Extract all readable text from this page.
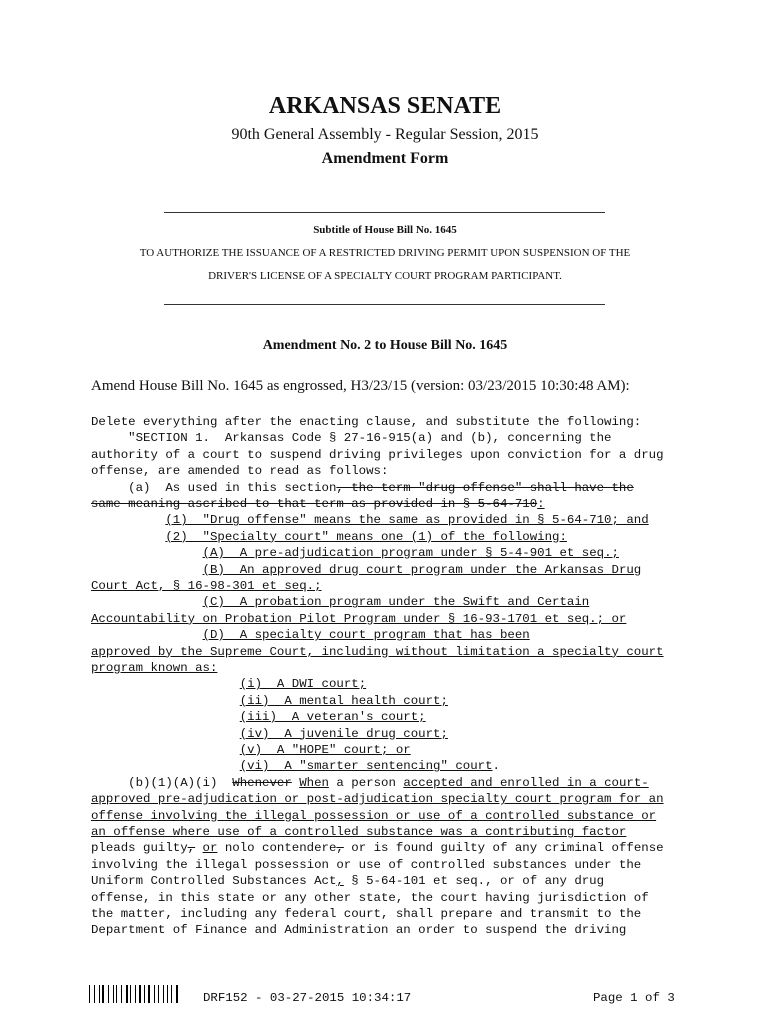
ARKANSAS SENATE
90th General Assembly - Regular Session, 2015
Amendment Form
Subtitle of House Bill No. 1645
TO AUTHORIZE THE ISSUANCE OF A RESTRICTED DRIVING PERMIT UPON SUSPENSION OF THE
DRIVER'S LICENSE OF A SPECIALTY COURT PROGRAM PARTICIPANT.
Amendment No. 2 to House Bill No. 1645
Amend House Bill No. 1645 as engrossed, H3/23/15 (version: 03/23/2015 10:30:48 AM):
Delete everything after the enacting clause, and substitute the following:
"SECTION 1.  Arkansas Code § 27-16-915(a) and (b), concerning the
authority of a court to suspend driving privileges upon conviction for a drug
offense, are amended to read as follows:
(a)  As used in this section, the term "drug offense" shall have the
same meaning ascribed to that term as provided in § 5-64-710:
(1)  "Drug offense" means the same as provided in § 5-64-710; and
(2)  "Specialty court" means one (1) of the following:
(A)  A pre-adjudication program under § 5-4-901 et seq.;
(B)  An approved drug court program under the Arkansas Drug
Court Act, § 16-98-301 et seq.;
(C)  A probation program under the Swift and Certain
Accountability on Probation Pilot Program under § 16-93-1701 et seq.; or
(D)  A specialty court program that has been
approved by the Supreme Court, including without limitation a specialty court
program known as:
(i)  A DWI court;
(ii)  A mental health court;
(iii)  A veteran's court;
(iv)  A juvenile drug court;
(v)  A "HOPE" court; or
(vi)  A "smarter sentencing" court.
(b)(1)(A)(i)  Whenever When a person accepted and enrolled in a court-
approved pre-adjudication or post-adjudication specialty court program for an
offense involving the illegal possession or use of a controlled substance or
an offense where use of a controlled substance was a contributing factor
pleads guilty, or nolo contendere, or is found guilty of any criminal offense
involving the illegal possession or use of controlled substances under the
Uniform Controlled Substances Act, § 5-64-101 et seq., or of any drug
offense, in this state or any other state, the court having jurisdiction of
the matter, including any federal court, shall prepare and transmit to the
Department of Finance and Administration an order to suspend the driving
DRF152 - 03-27-2015 10:34:17	Page 1 of 3
